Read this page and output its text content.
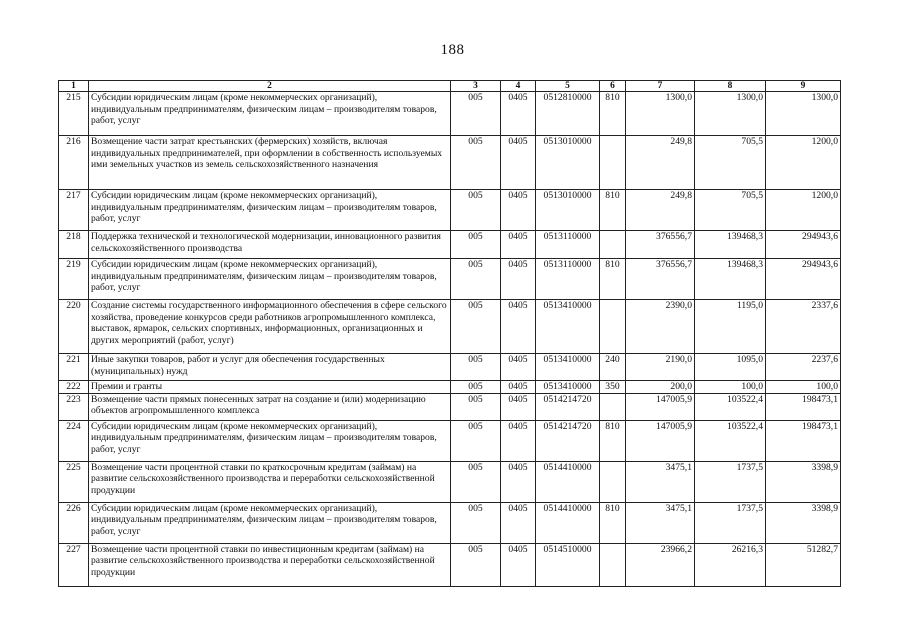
188
1	2	3	4	5	6	7	8	9
215	Субсидии юридическим лицам (кроме некоммерческих организаций), индивидуальным предпринимателям, физическим лицам – производителям товаров, работ, услуг	005	0405	0512810000	810	1300,0	1300,0	1300,0
216	Возмещение части затрат крестьянских (фермерских) хозяйств, включая индивидуальных предпринимателей, при оформлении в собственность используемых ими земельных участков из земель сельскохозяйственного назначения	005	0405	0513010000		249,8	705,5	1200,0
217	Субсидии юридическим лицам (кроме некоммерческих организаций), индивидуальным предпринимателям, физическим лицам – производителям товаров, работ, услуг	005	0405	0513010000	810	249,8	705,5	1200,0
218	Поддержка технической и технологической модернизации, инновационного развития сельскохозяйственного производства	005	0405	0513110000		376556,7	139468,3	294943,6
219	Субсидии юридическим лицам (кроме некоммерческих организаций), индивидуальным предпринимателям, физическим лицам – производителям товаров, работ, услуг	005	0405	0513110000	810	376556,7	139468,3	294943,6
220	Создание системы государственного информационного обеспечения в сфере сельского хозяйства, проведение конкурсов среди работников агропромышленного комплекса, выставок, ярмарок, сельских спортивных, информационных, организационных и других мероприятий (работ, услуг)	005	0405	0513410000		2390,0	1195,0	2337,6
221	Иные закупки товаров, работ и услуг для обеспечения государственных (муниципальных) нужд	005	0405	0513410000	240	2190,0	1095,0	2237,6
222	Премии и гранты	005	0405	0513410000	350	200,0	100,0	100,0
223	Возмещение части прямых понесенных затрат на создание и (или) модернизацию объектов агропромышленного комплекса	005	0405	0514214720		147005,9	103522,4	198473,1
224	Субсидии юридическим лицам (кроме некоммерческих организаций), индивидуальным предпринимателям, физическим лицам – производителям товаров, работ, услуг	005	0405	0514214720	810	147005,9	103522,4	198473,1
225	Возмещение части процентной ставки по краткосрочным кредитам (займам) на развитие сельскохозяйственного производства и переработки сельскохозяйственной продукции	005	0405	0514410000		3475,1	1737,5	3398,9
226	Субсидии юридическим лицам (кроме некоммерческих организаций), индивидуальным предпринимателям, физическим лицам – производителям товаров, работ, услуг	005	0405	0514410000	810	3475,1	1737,5	3398,9
227	Возмещение части процентной ставки по инвестиционным кредитам (займам) на развитие сельскохозяйственного производства и переработки сельскохозяйственной продукции	005	0405	0514510000		23966,2	26216,3	51282,7
